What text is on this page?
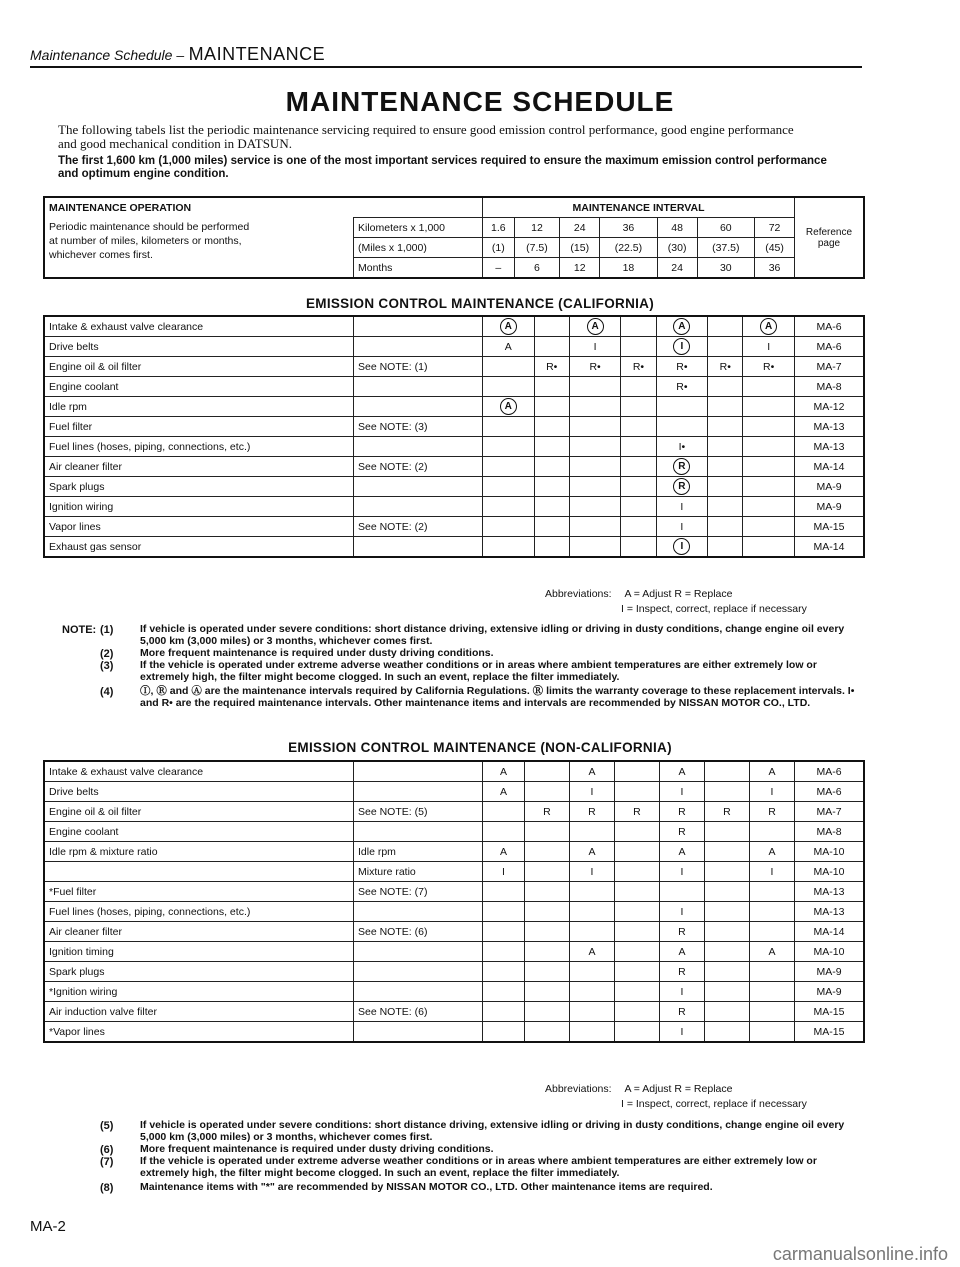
Maintenance Schedule – MAINTENANCE
MAINTENANCE SCHEDULE
The following tabels list the periodic maintenance servicing required to ensure good emission control performance, good engine performance
and good mechanical condition in DATSUN.
The first 1,600 km (1,000 miles) service is one of the most important services required to ensure the maximum emission control performance
and optimum engine condition.
MAINTENANCE OPERATION		MAINTENANCE INTERVAL							Reference page
Periodic maintenance should be performed
at number of miles, kilometers or months,
whichever comes first.	Kilometers x 1,000	1.6	12	24	36	48	60	72	
	(Miles x 1,000)	(1)	(7.5)	(15)	(22.5)	(30)	(37.5)	(45)	
	Months	–	6	12	18	24	30	36	
EMISSION CONTROL MAINTENANCE (CALIFORNIA)
Intake & exhaust valve clearance		A		A		A		A	MA-6
Drive belts		A		I		I		I	MA-6
Engine oil & oil filter	See NOTE: (1)		R•	R•	R•	R•	R•	R•	MA-7
Engine coolant						R•			MA-8
Idle rpm		A							MA-12
Fuel filter	See NOTE: (3)								MA-13
Fuel lines (hoses, piping, connections, etc.)						I•			MA-13
Air cleaner filter	See NOTE: (2)					R			MA-14
Spark plugs						R			MA-9
Ignition wiring						I			MA-9
Vapor lines	See NOTE: (2)					I			MA-15
Exhaust gas sensor						I			MA-14
Abbreviations: A = Adjust R = Replace
I = Inspect, correct, replace if necessary
NOTE: (1)	If vehicle is operated under severe conditions: short distance driving, extensive idling or driving in dusty conditions, change engine oil every 5,000 km (3,000 miles) or 3 months, whichever comes first.
(2)	More frequent maintenance is required under dusty driving conditions.
(3)	If the vehicle is operated under extreme adverse weather conditions or in areas where ambient temperatures are either extremely low or extremely high, the filter might become clogged. In such an event, replace the filter immediately.
(4)	Ⓘ, Ⓡ and Ⓐ are the maintenance intervals required by California Regulations. Ⓡ limits the warranty coverage to these replacement intervals. I• and R• are the required maintenance intervals. Other maintenance items and intervals are recommended by NISSAN MOTOR CO., LTD.
EMISSION CONTROL MAINTENANCE (NON-CALIFORNIA)
Intake & exhaust valve clearance		A		A		A		A	MA-6
Drive belts		A		I		I		I	MA-6
Engine oil & oil filter	See NOTE: (5)		R	R	R	R	R	R	MA-7
Engine coolant						R			MA-8
Idle rpm & mixture ratio	Idle rpm	A		A		A		A	MA-10
	Mixture ratio	I		I		I		I	MA-10
*Fuel filter	See NOTE: (7)								MA-13
Fuel lines (hoses, piping, connections, etc.)						I			MA-13
Air cleaner filter	See NOTE: (6)					R			MA-14
Ignition timing				A		A		A	MA-10
Spark plugs						R			MA-9
*Ignition wiring						I			MA-9
Air induction valve filter	See NOTE: (6)					R			MA-15
*Vapor lines						I			MA-15
Abbreviations: A = Adjust R = Replace
I = Inspect, correct, replace if necessary
(5)	If vehicle is operated under severe conditions: short distance driving, extensive idling or driving in dusty conditions, change engine oil every 5,000 km (3,000 miles) or 3 months, whichever comes first.
(6)	More frequent maintenance is required under dusty driving conditions.
(7)	If the vehicle is operated under extreme adverse weather conditions or in areas where ambient temperatures are either extremely low or extremely high, the filter might become clogged. In such an event, replace the filter immediately.
(8)	Maintenance items with "*" are recommended by NISSAN MOTOR CO., LTD. Other maintenance items are required.
MA-2
carmanualsonline.info
